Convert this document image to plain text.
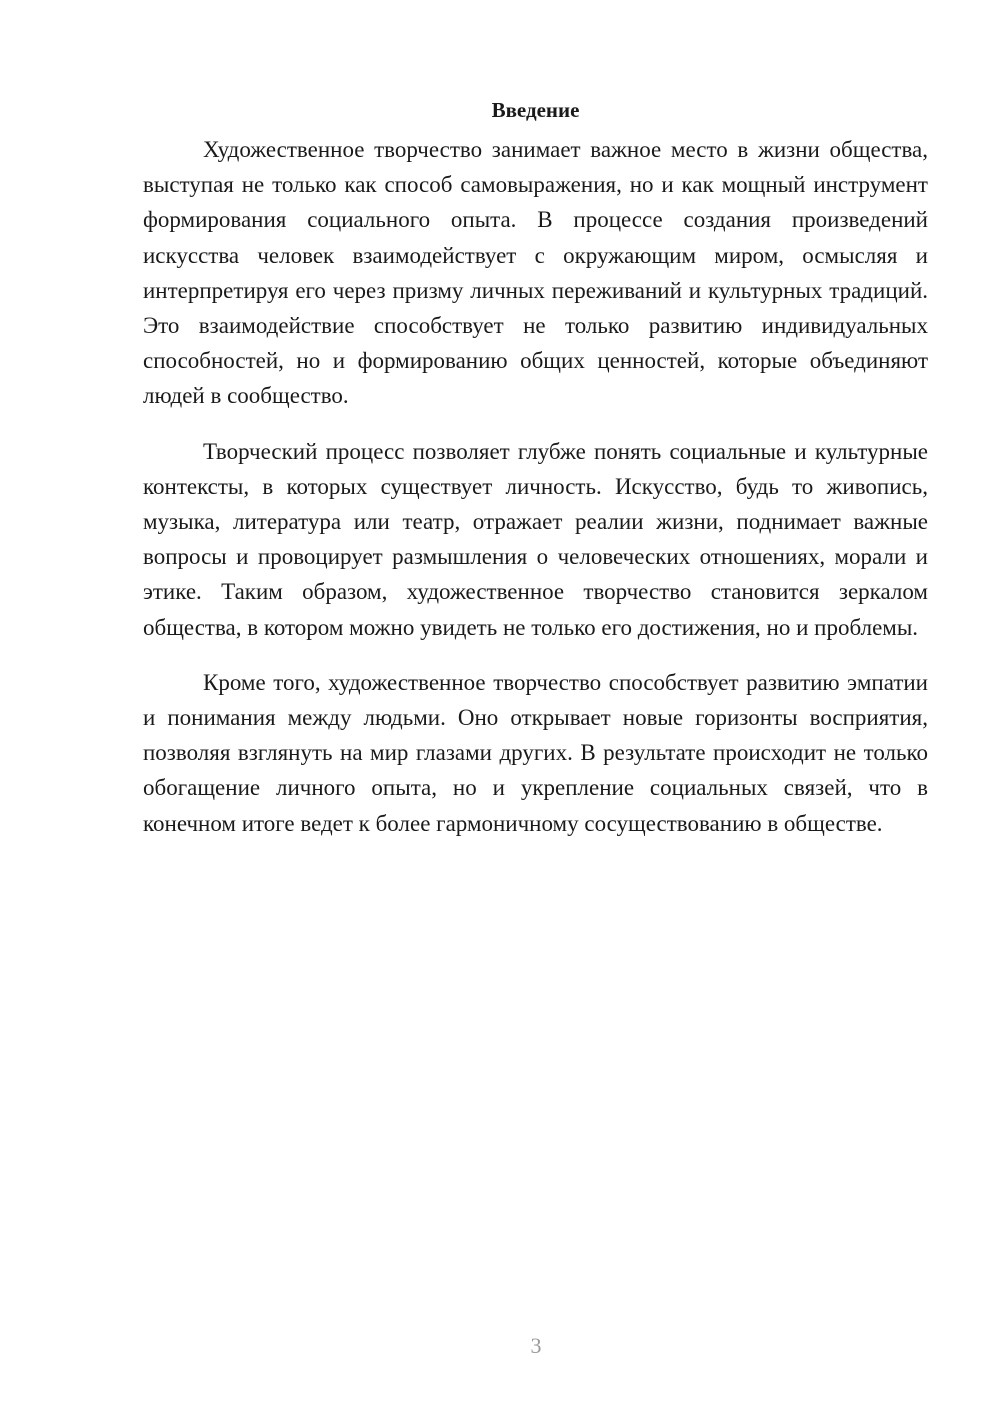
Введение

Художественное творчество занимает важное место в жизни общества, выступая не только как способ самовыражения, но и как мощный инструмент формирования социального опыта. В процессе создания произведений искусства человек взаимодействует с окружающим миром, осмысляя и интерпретируя его через призму личных переживаний и культурных традиций. Это взаимодействие способствует не только развитию индивидуальных способностей, но и формированию общих ценностей, которые объединяют людей в сообщество.

Творческий процесс позволяет глубже понять социальные и культурные контексты, в которых существует личность. Искусство, будь то живопись, музыка, литература или театр, отражает реалии жизни, поднимает важные вопросы и провоцирует размышления о человеческих отношениях, морали и этике. Таким образом, художественное творчество становится зеркалом общества, в котором можно увидеть не только его достижения, но и проблемы.

Кроме того, художественное творчество способствует развитию эмпатии и понимания между людьми. Оно открывает новые горизонты восприятия, позволяя взглянуть на мир глазами других. В результате происходит не только обогащение личного опыта, но и укрепление социальных связей, что в конечном итоге ведет к более гармоничному сосуществованию в обществе.

3
